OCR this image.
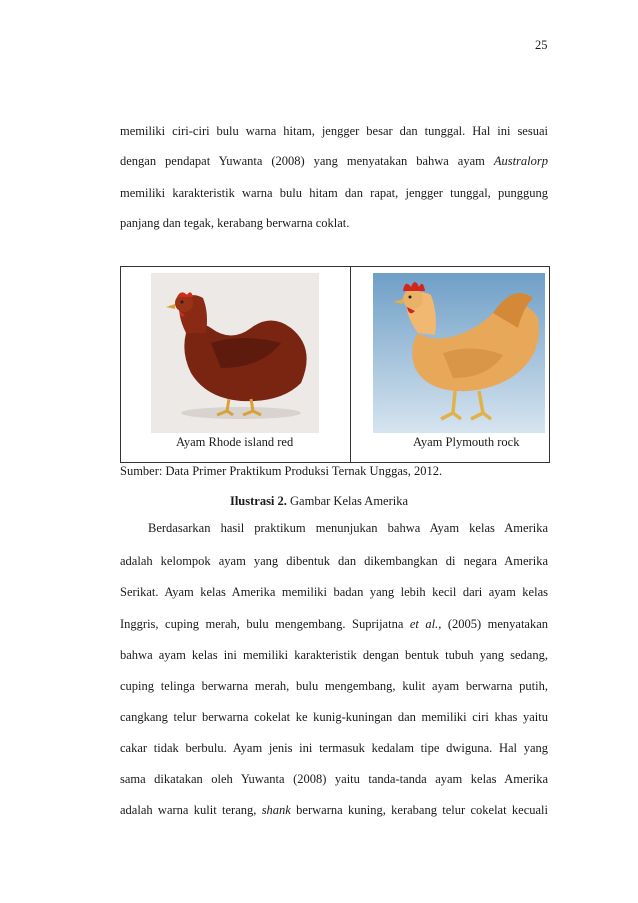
25
memiliki ciri-ciri bulu warna hitam, jengger besar dan tunggal. Hal ini sesuai
dengan pendapat Yuwanta (2008) yang menyatakan bahwa ayam Australorp
memiliki karakteristik warna bulu hitam dan rapat, jengger tunggal, punggung
panjang dan tegak, kerabang berwarna coklat.
Ayam Rhode island red	Ayam Plymouth rock
Sumber: Data Primer Praktikum Produksi Ternak Unggas, 2012.
Ilustrasi 2. Gambar Kelas Amerika
Berdasarkan hasil praktikum menunjukan bahwa Ayam kelas Amerika
adalah kelompok ayam yang dibentuk dan dikembangkan di negara Amerika
Serikat. Ayam kelas Amerika memiliki badan yang lebih kecil dari ayam kelas
Inggris, cuping merah, bulu mengembang. Suprijatna et al., (2005) menyatakan
bahwa ayam kelas ini memiliki karakteristik dengan bentuk tubuh yang sedang,
cuping telinga berwarna merah, bulu mengembang, kulit ayam berwarna putih,
cangkang telur berwarna cokelat ke kunig-kuningan dan memiliki ciri khas yaitu
cakar tidak berbulu. Ayam jenis ini termasuk kedalam tipe dwiguna. Hal yang
sama dikatakan oleh Yuwanta (2008) yaitu tanda-tanda ayam kelas Amerika
adalah warna kulit terang, shank berwarna kuning, kerabang telur cokelat kecuali
